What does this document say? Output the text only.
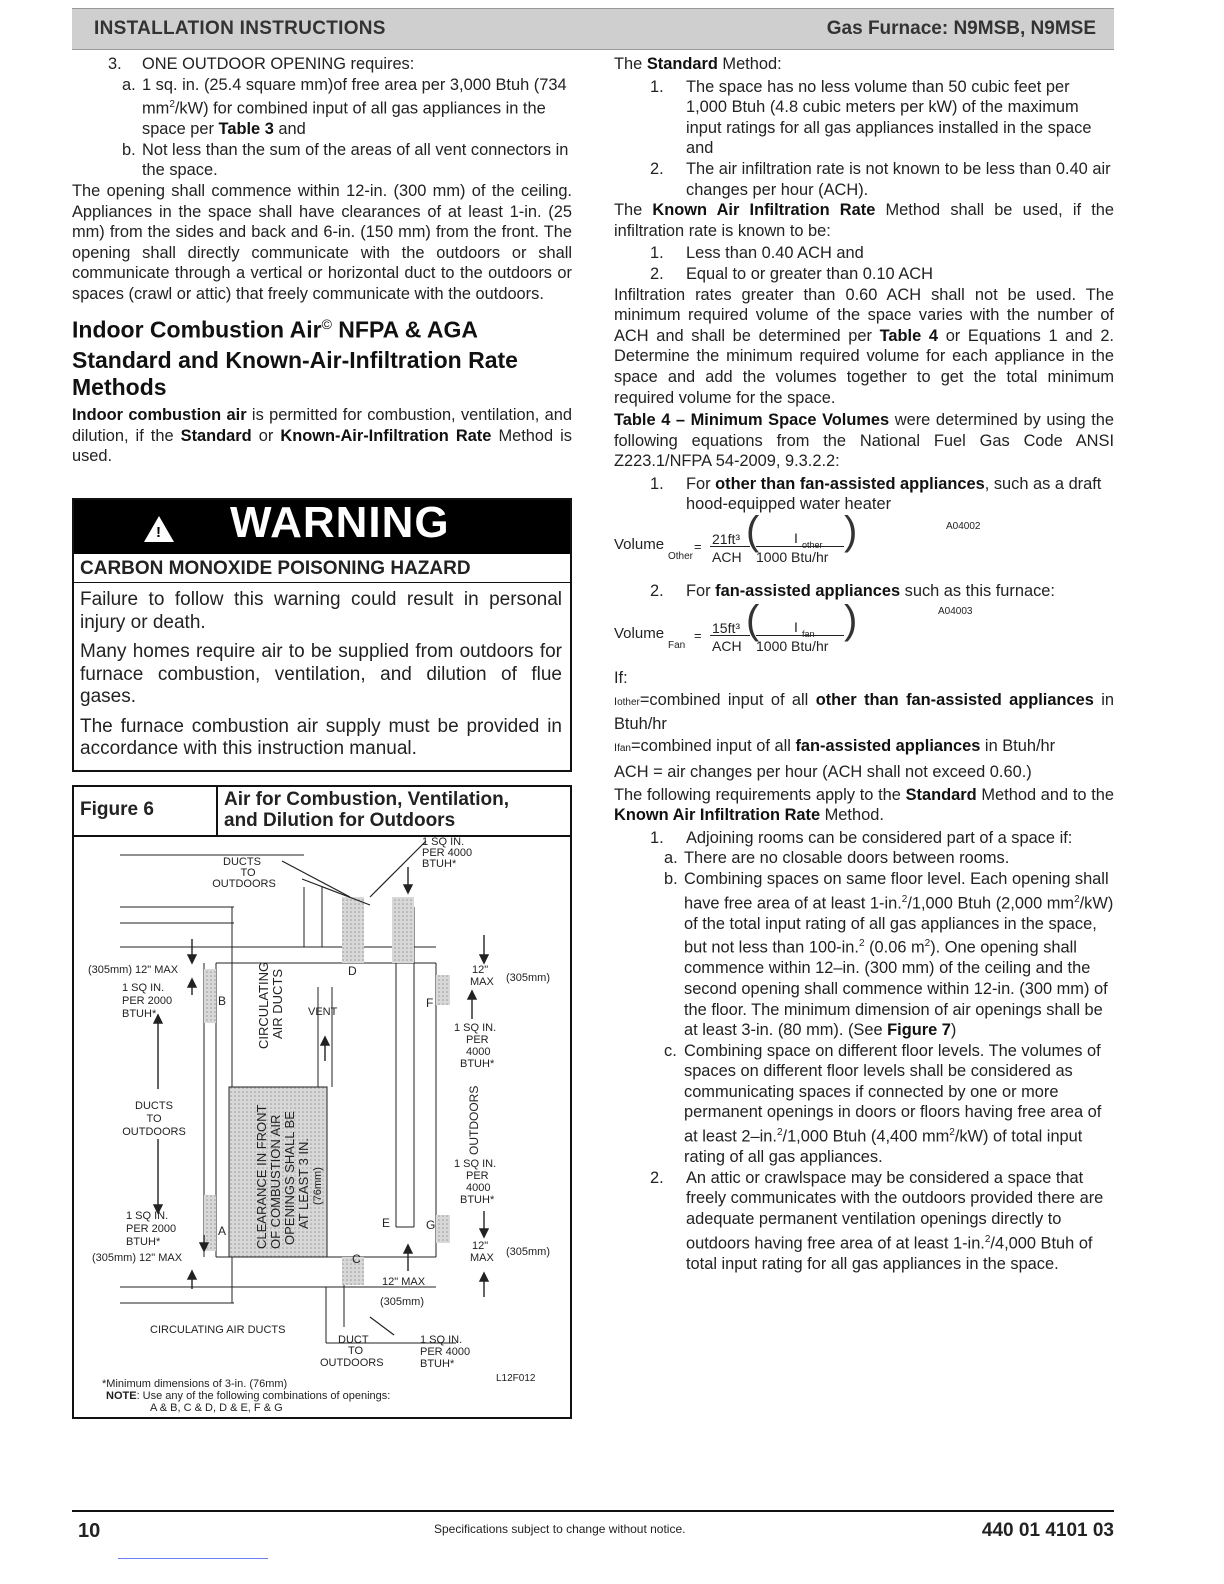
INSTALLATION INSTRUCTIONS	Gas Furnace: N9MSB, N9MSE
3.	ONE OUTDOOR OPENING requires:
a. 1 sq. in. (25.4 square mm)of free area per 3,000 Btuh (734 $mm^2/kW$) for combined input of all gas appliances in the space per Table 3 and
b. Not less than the sum of the areas of all vent connectors in the space.

The opening shall commence within 12-in. (300 mm) of the ceiling. Appliances in the space shall have clearances of at least 1-in. (25 mm) from the sides and back and 6-in. (150 mm) from the front. The opening shall directly communicate with the outdoors or shall communicate through a vertical or horizontal duct to the outdoors or spaces (crawl or attic) that freely communicate with the outdoors.

Indoor Combustion Air© NFPA & AGA
Standard and Known-Air-Infiltration Rate Methods

Indoor combustion air is permitted for combustion, ventilation, and dilution, if the Standard or Known-Air-Infiltration Rate Method is used.

!
WARNING
CARBON MONOXIDE POISONING HAZARD

Failure to follow this warning could result in personal injury or death.

Many homes require air to be supplied from outdoors for furnace combustion, ventilation, and dilution of flue gases.

The furnace combustion air supply must be provided in accordance with this instruction manual.

Figure 6	Air for Combustion, Ventilation,
and Dilution for Outdoors
DUCTS TO OUTDOORS
1 SQ IN. PER 4000 BTUH*
(305mm) 12" MAX
1 SQ IN. PER 2000 BTUH*
DUCTS TO OUTDOORS
1 SQ IN. PER 2000 BTUH*
(305mm) 12" MAX
CIRCULATING AIR DUCTS
CIRCULATINGAIR DUCTS VENT
CLEARANCE IN FRONTOF COMBUSTION AIROPENINGS SHALL BEAT LEAST 3 IN.(76mm)
A
B
C
D
E
F
G
12"
MAX (305mm)
1 SQ IN. PER 4000 BTUH*
OUTDOORS
1 SQ IN. PER 4000 BTUH*
12"
MAX (305mm)
12" MAX
(305mm)
DUCT TO OUTDOORS
1 SQ IN. PER 4000 BTUH*
L12F012
*Minimum dimensions of 3-in. (76mm)
NOTE: Use any of the following combinations of openings:
A & B, C & D, D & E, F & G

The Standard Method:

1.	The space has no less volume than 50 cubic feet per 1,000 Btuh (4.8 cubic meters per kW) of the maximum input ratings for all gas appliances installed in the space and
2.	The air infiltration rate is not known to be less than 0.40 air changes per hour (ACH).

The Known Air Infiltration Rate Method shall be used, if the infiltration rate is known to be:

1.	Less than 0.40 ACH and
2.	Equal to or greater than 0.10 ACH

Infiltration rates greater than 0.60 ACH shall not be used. The minimum required volume of the space varies with the number of ACH and shall be determined per Table 4 or Equations 1 and 2. Determine the minimum required volume for each appliance in the space and add the volumes together to get the total minimum required volume for the space.

Table 4 – Minimum Space Volumes were determined by using the following equations from the National Fuel Gas Code ANSI Z223.1/NFPA 54-2009, 9.3.2.2:

1.	For other than fan-assisted appliances, such as a draft hood-equipped water heater
Volume
Other
= 21ft³
ACH
( I other
1000 Btu/hr
)	A04002
2.	For fan-assisted appliances such as this furnace:
Volume
Fan
= 15ft³
ACH
( I fan
1000 Btu/hr
)	A04003

If:

Iother=combined input of all other than fan-assisted appliances in Btuh/hr

Ifan=combined input of all fan-assisted appliances in Btuh/hr

ACH = air changes per hour (ACH shall not exceed 0.60.)

The following requirements apply to the Standard Method and to the Known Air Infiltration Rate Method.

1.	Adjoining rooms can be considered part of a space if:
a. There are no closable doors between rooms.
b. Combining spaces on same floor level. Each opening shall have free area of at least 1-in.$^2$/1,000 Btuh (2,000 $mm^2/kW$) of the total input rating of all gas appliances in the space, but not less than 100-in.$^2$ (0.06 $m^2$). One opening shall commence within 12–in. (300 mm) of the ceiling and the second opening shall commence within 12-in. (300 mm) of the floor. The minimum dimension of air openings shall be at least 3-in. (80 mm). (See Figure 7)
c. Combining space on different floor levels. The volumes of spaces on different floor levels shall be considered as communicating spaces if connected by one or more permanent openings in doors or floors having free area of at least 2–in.$^2$/1,000 Btuh (4,400 $mm^2/kW$) of total input rating of all gas appliances.
2.	An attic or crawlspace may be considered a space that freely communicates with the outdoors provided there are adequate permanent ventilation openings directly to outdoors having free area of at least 1-in.$^2$/4,000 Btuh of total input rating for all gas appliances in the space.
10	Specifications subject to change without notice.	440 01 4101 03
